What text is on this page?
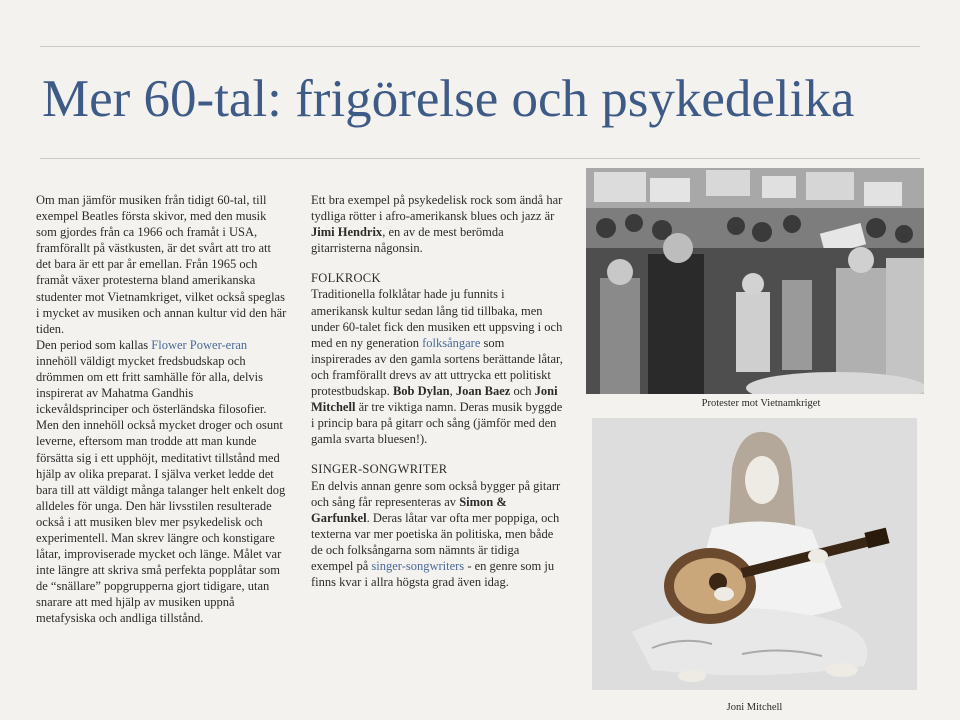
Mer 60-tal: frigörelse och psykedelika

Om man jämför musiken från tidigt 60-tal, till exempel Beatles första skivor, med den musik som gjordes från ca 1966 och framåt i USA, framförallt på västkusten, är det svårt att tro att det bara är ett par år emellan. Från 1965 och framåt växer protesterna bland amerikanska studenter mot Vietnamkriget, vilket också speglas i mycket av musiken och annan kultur vid den här tiden.

Den period som kallas Flower Power-eran innehöll väldigt mycket fredsbudskap och drömmen om ett fritt samhälle för alla, delvis inspirerat av Mahatma Gandhis ickevåldsprinciper och österländska filosofier. Men den innehöll också mycket droger och osunt leverne, eftersom man trodde att man kunde försätta sig i ett upphöjt, meditativt tillstånd med hjälp av olika preparat. I själva verket ledde det bara till att väldigt många talanger helt enkelt dog alldeles för unga. Den här livsstilen resulterade också i att musiken blev mer psykedelisk och experimentell. Man skrev längre och konstigare låtar, improviserade mycket och länge. Målet var inte längre att skriva små perfekta popplåtar som de “snällare” popgrupperna gjort tidigare, utan snarare att med hjälp av musiken uppnå metafysiska och andliga tillstånd.

Ett bra exempel på psykedelisk rock som ändå har tydliga rötter i afro-amerikansk blues och jazz är Jimi Hendrix, en av de mest berömda gitarristerna någonsin.

FOLKROCK

Traditionella folklåtar hade ju funnits i amerikansk kultur sedan lång tid tillbaka, men under 60-talet fick den musiken ett uppsving i och med en ny generation folksångare som inspirerades av den gamla sortens berättande låtar, och framförallt drevs av att uttrycka ett politiskt protestbudskap. Bob Dylan, Joan Baez och Joni Mitchell är tre viktiga namn. Deras musik byggde i princip bara på gitarr och sång (jämför med den gamla svarta bluesen!).

SINGER-SONGWRITER

En delvis annan genre som också bygger på gitarr och sång får representeras av Simon & Garfunkel. Deras låtar var ofta mer poppiga, och texterna var mer poetiska än politiska, men både de och folksångarna som nämnts är tidiga exempel på singer-songwriters - en genre som ju finns kvar i allra högsta grad även idag.

Protester mot Vietnamkriget
Joni Mitchell
